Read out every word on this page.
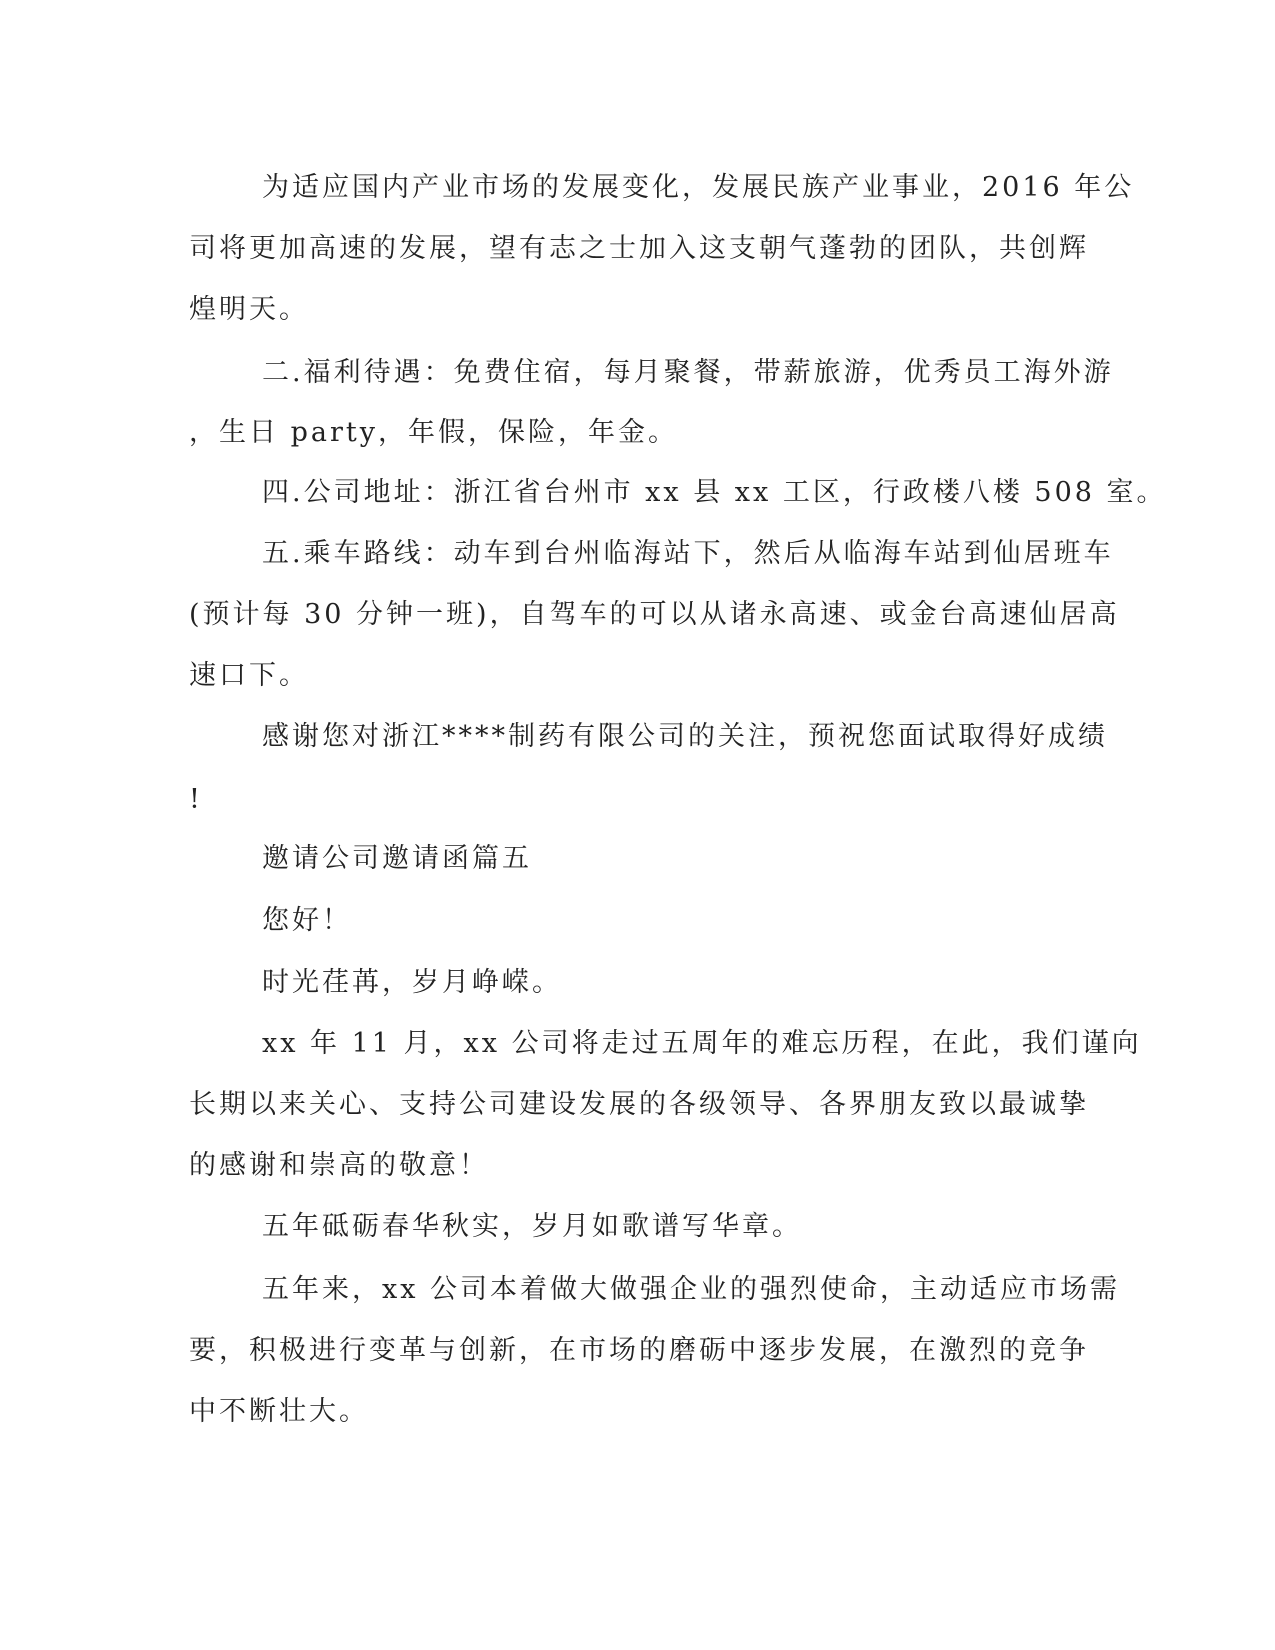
为适应国内产业市场的发展变化，发展民族产业事业，2016 年公
司将更加高速的发展，望有志之士加入这支朝气蓬勃的团队，共创辉
煌明天。
二.福利待遇：免费住宿，每月聚餐，带薪旅游，优秀员工海外游
，生日 party，年假，保险，年金。
四.公司地址：浙江省台州市 xx 县 xx 工区，行政楼八楼 508 室。
五.乘车路线：动车到台州临海站下，然后从临海车站到仙居班车
(预计每 30 分钟一班)，自驾车的可以从诸永高速、或金台高速仙居高
速口下。
感谢您对浙江****制药有限公司的关注，预祝您面试取得好成绩
!
邀请公司邀请函篇五
您好！
时光荏苒，岁月峥嵘。
xx 年 11 月，xx 公司将走过五周年的难忘历程，在此，我们谨向
长期以来关心、支持公司建设发展的各级领导、各界朋友致以最诚挚
的感谢和崇高的敬意！
五年砥砺春华秋实，岁月如歌谱写华章。
五年来，xx 公司本着做大做强企业的强烈使命，主动适应市场需
要，积极进行变革与创新，在市场的磨砺中逐步发展，在激烈的竞争
中不断壮大。
